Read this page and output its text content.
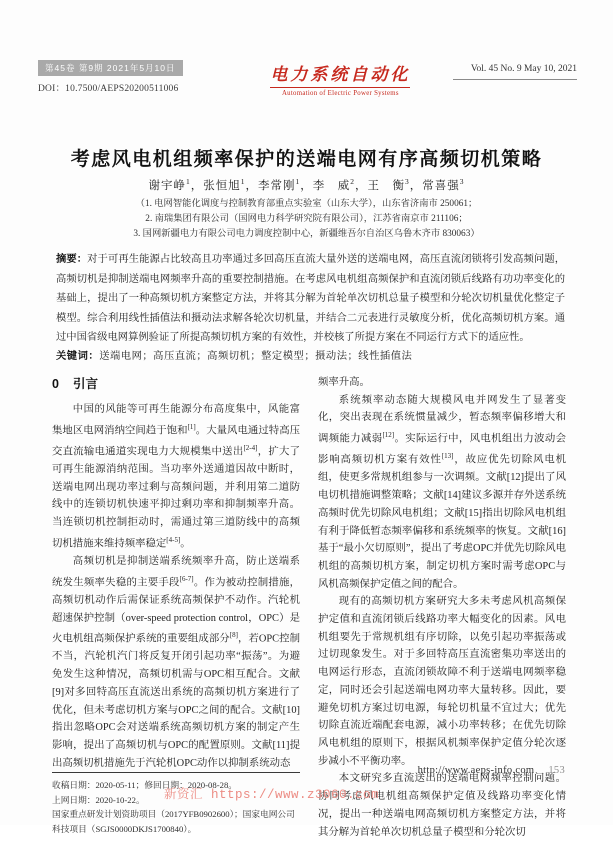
第45卷 第9期 2021年5月10日
DOI：10.7500/AEPS20200511006
电力系统自动化
Automation of Electric Power Systems
Vol. 45 No. 9 May 10, 2021
考虑风电机组频率保护的送端电网有序高频切机策略
谢宇峥$^1$，张恒旭$^1$，李常刚$^1$，李　威$^2$，王　衡$^3$，常喜强$^3$
（1. 电网智能化调度与控制教育部重点实验室（山东大学），山东省济南市 250061；
2. 南瑞集团有限公司（国网电力科学研究院有限公司），江苏省南京市 211106；
3. 国网新疆电力有限公司电力调度控制中心，新疆维吾尔自治区乌鲁木齐市 830063）
摘要：对于可再生能源占比较高且功率通过多回高压直流大量外送的送端电网，高压直流闭锁将引发高频问题，高频切机是抑制送端电网频率升高的重要控制措施。在考虑风电机组高频保护和直流闭锁后线路有功功率变化的基础上，提出了一种高频切机方案整定方法，并将其分解为首轮单次切机总量子模型和分轮次切机量优化整定子模型。综合利用线性插值法和摄动法求解各轮次切机量，并结合二元表进行灵敏度分析，优化高频切机方案。通过中国省级电网算例验证了所提高频切机方案的有效性，并校核了所提方案在不同运行方式下的适应性。
关键词：送端电网；高压直流；高频切机；整定模型；摄动法；线性插值法
0 引言

中国的风能等可再生能源分布高度集中，风能富集地区电网消纳空间趋于饱和[1]。大量风电通过特高压交直流输电通道实现电力大规模集中送出[2-4]，扩大了可再生能源消纳范围。当功率外送通道因故中断时，送端电网出现功率过剩与高频问题，并利用第二道防线中的连锁切机快速平抑过剩功率和抑制频率升高。当连锁切机控制拒动时，需通过第三道防线中的高频切机措施来维持频率稳定[4-5]。

高频切机是抑制送端系统频率升高，防止送端系统发生频率失稳的主要手段[6-7]。作为被动控制措施，高频切机动作后需保证系统高频保护不动作。汽轮机超速保护控制（over-speed protection control，OPC）是火电机组高频保护系统的重要组成部分[8]，若OPC控制不当，汽轮机汽门将反复开闭引起功率“振荡”。为避免发生这种情况，高频切机需与OPC相互配合。文献[9]对多回特高压直流送出系统的高频切机方案进行了优化，但未考虑切机方案与OPC之间的配合。文献[10]指出忽略OPC会对送端系统高频切机方案的制定产生影响，提出了高频切机与OPC的配置原则。文献[11]提出高频切机措施先于汽轮机OPC动作以抑制系统动态

收稿日期：2020-05-11；修回日期：2020-08-28。
上网日期：2020-10-22。
国家重点研发计划资助项目（2017YFB0902600）；国家电网公司科技项目（SGJS0000DKJS1700840）。

频率升高。

系统频率动态随大规模风电并网发生了显著变化，突出表现在系统惯量减少，暂态频率偏移增大和调频能力减弱[12]。实际运行中，风电机组出力波动会影响高频切机方案有效性[13]，故应优先切除风电机组，使更多常规机组参与一次调频。文献[12]提出了风电切机措施调整策略；文献[14]建议多源并存外送系统高频时优先切除风电机组；文献[15]指出切除风电机组有利于降低暂态频率偏移和系统频率的恢复。文献[16]基于“最小欠切原则”，提出了考虑OPC并优先切除风电机组的高频切机方案，制定切机方案时需考虑OPC与风机高频保护定值之间的配合。

现有的高频切机方案研究大多未考虑风机高频保护定值和直流闭锁后线路功率大幅变化的因素。风电机组要先于常规机组有序切除，以免引起功率振荡或过切现象发生。对于多回特高压直流密集功率送出的电网运行形态，直流闭锁故障不利于送端电网频率稳定，同时还会引起送端电网功率大量转移。因此，要避免切机方案过切电源，每轮切机量不宜过大；优先切除直流近端配套电源，减小功率转移；在优先切除风电机组的原则下，根据风机频率保护定值分轮次逐步减小不平衡功率。

本文研究多直流送出的送端电网频率控制问题。协同考虑风电机组高频保护定值及线路功率变化情况，提出一种送端电网高频切机方案整定方法，并将其分解为首轮单次切机总量子模型和分轮次切

http://www.aeps-info.com 153
新资汇 https://www.z3060.com
